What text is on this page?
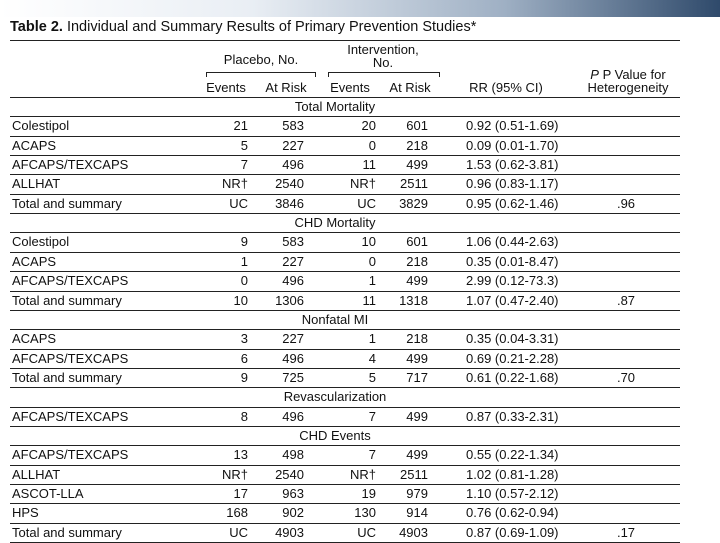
Table 2. Individual and Summary Results of Primary Prevention Studies*
Placebo, No.
Intervention,
No.
P P Value for
Heterogeneity
Events	At Risk	Events	At Risk	RR (95% CI)
Total Mortality
Colestipol	21	583	20	601	0.92 (0.51-1.69)
ACAPS	5	227	0	218	0.09 (0.01-1.70)
AFCAPS/TEXCAPS	7	496	11	499	1.53 (0.62-3.81)
ALLHAT	NR†	2540	NR†	2511	0.96 (0.83-1.17)
Total and summary	UC	3846	UC	3829	0.95 (0.62-1.46)	.96
CHD Mortality
Colestipol	9	583	10	601	1.06 (0.44-2.63)
ACAPS	1	227	0	218	0.35 (0.01-8.47)
AFCAPS/TEXCAPS	0	496	1	499	2.99 (0.12-73.3)
Total and summary	10	1306	11	1318	1.07 (0.47-2.40)	.87
Nonfatal MI
ACAPS	3	227	1	218	0.35 (0.04-3.31)
AFCAPS/TEXCAPS	6	496	4	499	0.69 (0.21-2.28)
Total and summary	9	725	5	717	0.61 (0.22-1.68)	.70
Revascularization
AFCAPS/TEXCAPS	8	496	7	499	0.87 (0.33-2.31)
CHD Events
AFCAPS/TEXCAPS	13	498	7	499	0.55 (0.22-1.34)
ALLHAT	NR†	2540	NR†	2511	1.02 (0.81-1.28)
ASCOT-LLA	17	963	19	979	1.10 (0.57-2.12)
HPS	168	902	130	914	0.76 (0.62-0.94)
Total and summary	UC	4903	UC	4903	0.87 (0.69-1.09)	.17
